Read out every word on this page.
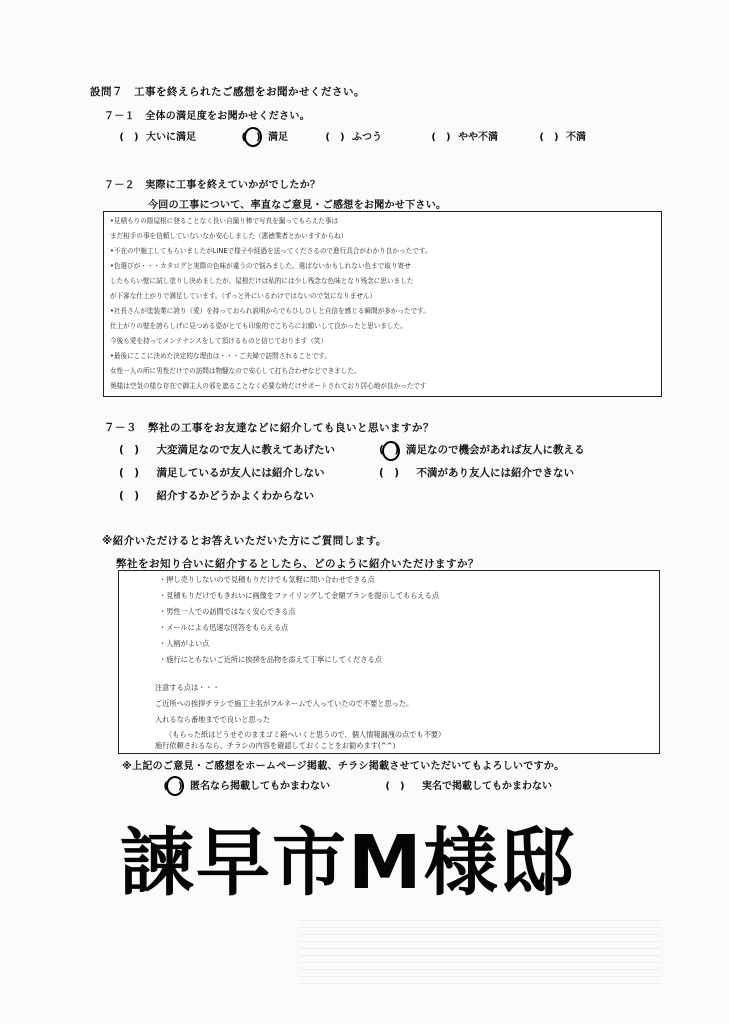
設問７　工事を終えられたご感想をお聞かせください。
７－１　全体の満足度をお聞かせください。
(　) 大いに満足	(　) 満足	(　) ふつう	(　) やや不満	(　) 不満
７－２　実際に工事を終えていかがでしたか？
今回の工事について、率直なご意見・ご感想をお聞かせ下さい。
•見積もりの際屋根に登ることなく長い自撮り棒で写真を撮ってもらえた事は
まだ相手の事を信頼していないなか安心しました（悪徳業者とかいますからね）
•不在の中施工してもらいましたがLINEで様子や経過を送ってくださるので進行具合がわかり良かったです。
•色選びが・・・カタログと実際の色味が違うので悩みました。選ばないかもしれない色まで取り寄せ
したもらい壁に試し塗りし決めましたが、屋根だけは私的には少し残念な色味となり残念に思いました
が下審な仕上がりで満足しています。（ずっと外にいるわけではないので気になりません）
•社長さんが塗装業に誇り（愛）を持っておられ説明からでもひしひしと自信を感じる瞬間が多かったです。
仕上がりの壁を誇らしげに見つめる姿がとても印象的でこちらにお願いして良かったと思いました。
今後も愛を持ってメンテナンスをして頂けるものと信じております（笑）
•最後にここに決めた決定的な理由は・・・ご夫婦で訪問されることです。
女性一人の所に男性だけでの訪問は物騒なので安心して打ち合わせなどできました。
奥様は空気の様な存在で御主人の邪を遮ることなく必要な時だけサポートされており居心地が良かったです
７－３　弊社の工事をお友達などに紹介しても良いと思いますか？
(　)　 大変満足なので友人に教えてあげたい	(　) 満足なので機会があれば友人に教える
(　)　 満足しているが友人には紹介しない	(　)　 不満があり友人には紹介できない
(　)　 紹介するかどうかよくわからない
※紹介いただけるとお答えいただいた方にご質問します。
弊社をお知り合いに紹介するとしたら、どのように紹介いただけますか？
・押し売りしないので見積もりだけでも気軽に問い合わせできる点
・見積もりだけでもきれいに画像をファイリングして金額プランを提示してもらえる点
・男性一人での訪問ではなく安心できる点
・メールによる迅速な回答をもらえる点
・人柄がよい点
・施行にともないご近所に挨拶を品物を添えて丁寧にしてくださる点
注意する点は・・・
ご近所への挨拶チラシで施工主名がフルネームで入っていたので不要と思った。
入れるなら番地までで良いと思った
（もらった紙はどうせそのままゴミ箱へいくと思うので、個人情報漏洩の点でも不要）
施行依頼されるなら、チラシの内容を確認しておくことをお勧めます(^^)
※上記のご意見・ご感想をホームページ掲載、チラシ掲載させていただいてもよろしいですか。
(　) 匿名なら掲載してもかまわない	(　)　 実名で掲載してもかまわない
諫早市M様邸
